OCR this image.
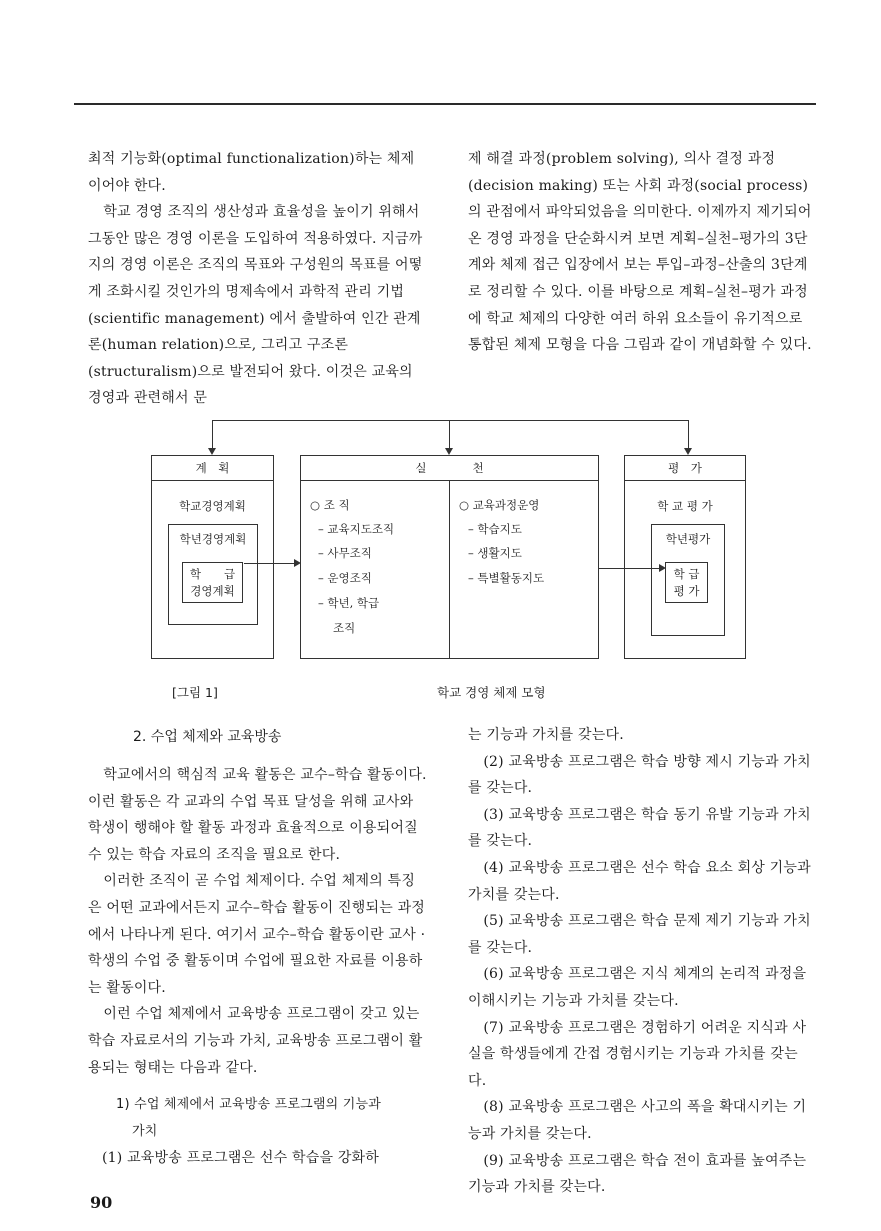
최적 기능화(optimal functionalization)하는 체제 이어야 한다.

학교 경영 조직의 생산성과 효율성을 높이기 위해서 그동안 많은 경영 이론을 도입하여 적용하였다. 지금까지의 경영 이론은 조직의 목표와 구성원의 목표를 어떻게 조화시킬 것인가의 명제속에서 과학적 관리 기법(scientific management) 에서 출발하여 인간 관계론(human relation)으로, 그리고 구조론(structuralism)으로 발전되어 왔다. 이것은 교육의 경영과 관련해서 문

제 해결 과정(problem solving), 의사 결정 과정(decision making) 또는 사회 과정(social process)의 관점에서 파악되었음을 의미한다. 이제까지 제기되어 온 경영 과정을 단순화시켜 보면 계획–실천–평가의 3단계와 체제 접근 입장에서 보는 투입–과정–산출의 3단계로 정리할 수 있다. 이를 바탕으로 계획–실천–평가 과정에 학교 체제의 다양한 여러 하위 요소들이 유기적으로 통합된 체제 모형을 다음 그림과 같이 개념화할 수 있다.

계　획
학교경영계획
학년경영계획
학　　급
경영계획
실　　　　천
○ 조 직
– 교육지도조직
– 사무조직
– 운영조직
– 학년, 학급
조직
○ 교육과정운영
– 학습지도
– 생활지도
– 특별활동지도
평　가
학 교 평 가
학년평가
학 급
평 가
[그림 1]	학교 경영 체제 모형
2. 수업 체제와 교육방송

학교에서의 핵심적 교육 활동은 교수–학습 활동이다. 이런 활동은 각 교과의 수업 목표 달성을 위해 교사와 학생이 행해야 할 활동 과정과 효율적으로 이용되어질 수 있는 학습 자료의 조직을 필요로 한다.

이러한 조직이 곧 수업 체제이다. 수업 체제의 특징은 어떤 교과에서든지 교수–학습 활동이 진행되는 과정에서 나타나게 된다. 여기서 교수–학습 활동이란 교사 · 학생의 수업 중 활동이며 수업에 필요한 자료를 이용하는 활동이다.

이런 수업 체제에서 교육방송 프로그램이 갖고 있는 학습 자료로서의 기능과 가치, 교육방송 프로그램이 활용되는 형태는 다음과 같다.

1) 수업 체제에서 교육방송 프로그램의 기능과

가치

(1) 교육방송 프로그램은 선수 학습을 강화하

는 기능과 가치를 갖는다.

(2) 교육방송 프로그램은 학습 방향 제시 기능과 가치를 갖는다.

(3) 교육방송 프로그램은 학습 동기 유발 기능과 가치를 갖는다.

(4) 교육방송 프로그램은 선수 학습 요소 회상 기능과 가치를 갖는다.

(5) 교육방송 프로그램은 학습 문제 제기 기능과 가치를 갖는다.

(6) 교육방송 프로그램은 지식 체계의 논리적 과정을 이해시키는 기능과 가치를 갖는다.

(7) 교육방송 프로그램은 경험하기 어려운 지식과 사실을 학생들에게 간접 경험시키는 기능과 가치를 갖는다.

(8) 교육방송 프로그램은 사고의 폭을 확대시키는 기능과 가치를 갖는다.

(9) 교육방송 프로그램은 학습 전이 효과를 높여주는 기능과 가치를 갖는다.

90
